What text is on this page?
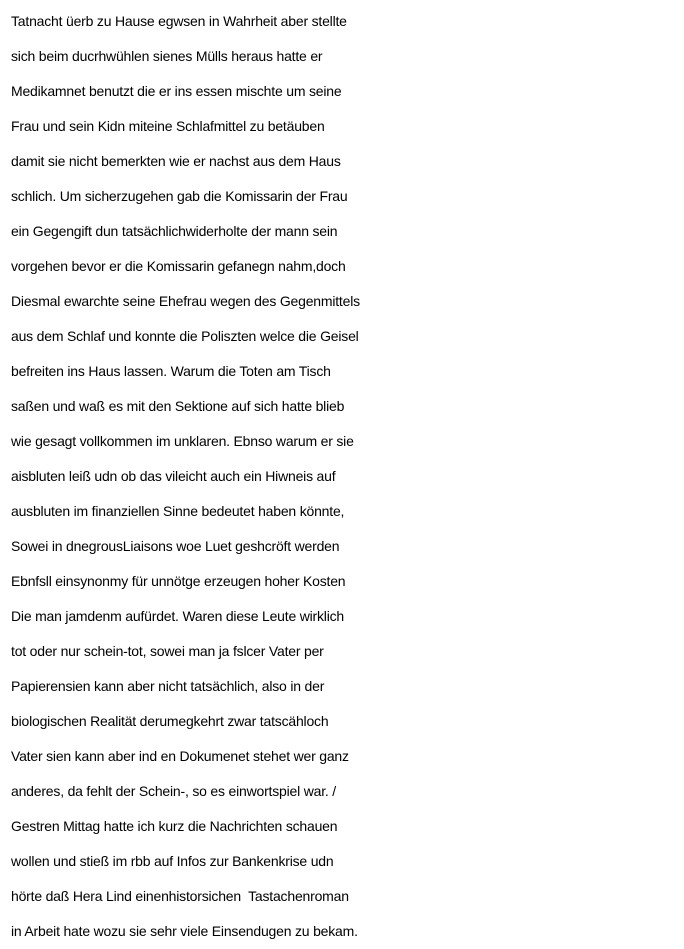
Tatnacht üerb zu Hause egwsen in Wahrheit aber stellte
sich beim ducrhwühlen sienes Mülls heraus hatte er
Medikamnet benutzt die er ins essen mischte um seine
Frau und sein Kidn miteine Schlafmittel zu betäuben
damit sie nicht bemerkten wie er nachst aus dem Haus
schlich. Um sicherzugehen gab die Komissarin der Frau
ein Gegengift dun tatsächlichwiderholte der mann sein
vorgehen bevor er die Komissarin gefanegn nahm,doch
Diesmal ewarchte seine Ehefrau wegen des Gegenmittels
aus dem Schlaf und konnte die Poliszten welce die Geisel
befreiten ins Haus lassen. Warum die Toten am Tisch
saßen und waß es mit den Sektione auf sich hatte blieb
wie gesagt vollkommen im unklaren. Ebnso warum er sie
aisbluten leiß udn ob das vileicht auch ein Hiwneis auf
ausbluten im finanziellen Sinne bedeutet haben könnte,
Sowei in dnegrousLiaisons woe Luet geshcröft werden
Ebnfsll einsynonmy für unnötge erzeugen hoher Kosten
Die man jamdenm aufürdet. Waren diese Leute wirklich
tot oder nur schein-tot, sowei man ja fslcer Vater per
Papierensien kann aber nicht tatsächlich, also in der
biologischen Realität derumegkehrt zwar tatscähloch
Vater sien kann aber ind en Dokumenet stehet wer ganz
anderes, da fehlt der Schein-, so es einwortspiel war. /
Gestren Mittag hatte ich kurz die Nachrichten schauen
wollen und stieß im rbb auf Infos zur Bankenkrise udn
hörte daß Hera Lind einenhistorsichen  Tastachenroman
in Arbeit hate wozu sie sehr viele Einsendugen zu bekam.
